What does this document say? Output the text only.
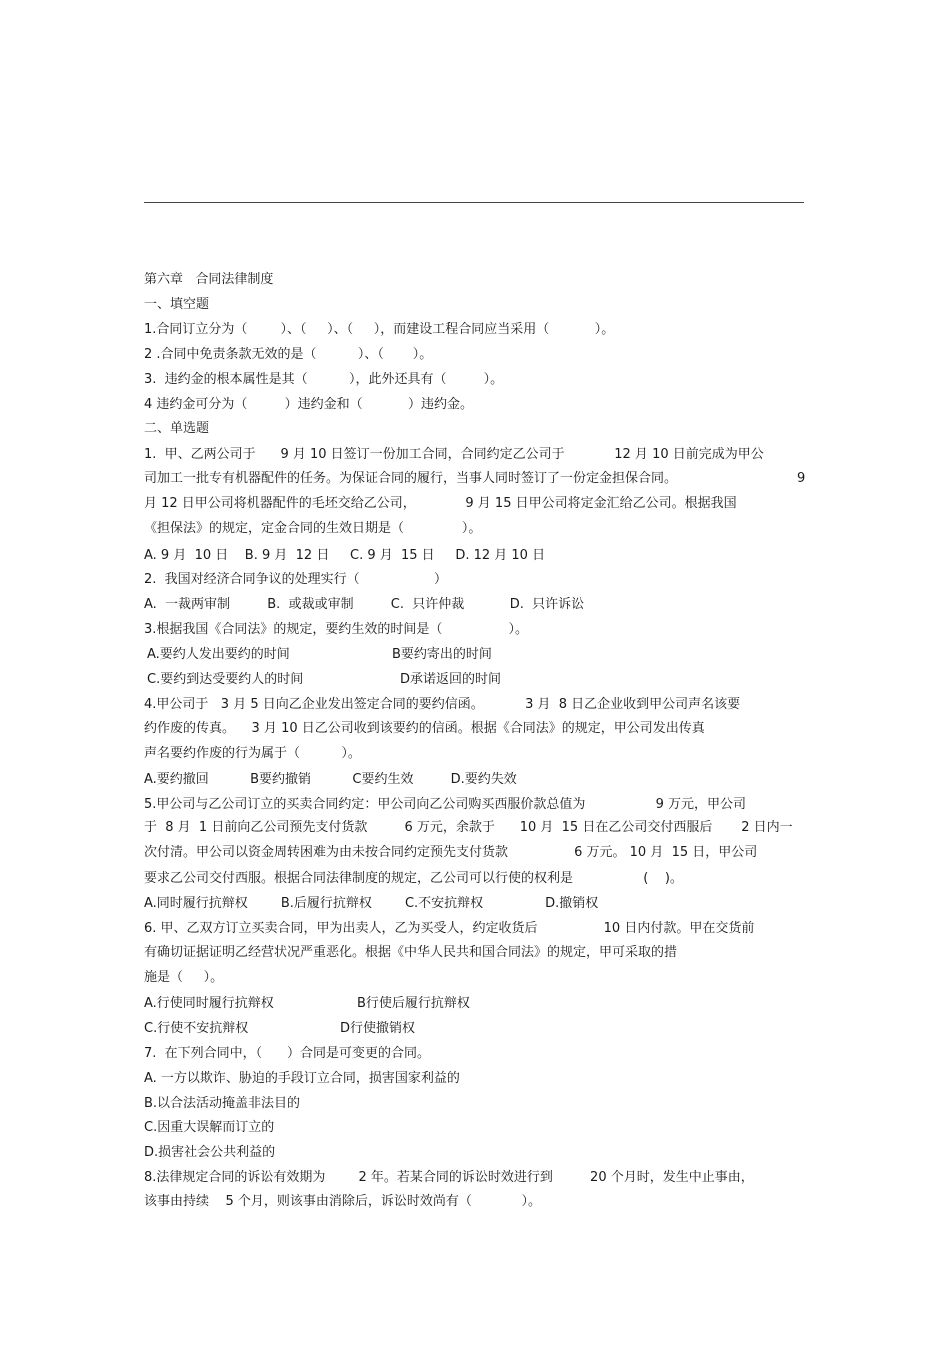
第六章   合同法律制度
一、填空题
1.合同订立分为（        ）、（     ）、（     ），而建设工程合同应当采用（           ）。
2 .合同中免责条款无效的是（          ）、（       ）。
3.  违约金的根本属性是其（          ），此外还具有（         ）。
4 违约金可分为（         ）违约金和（           ）违约金。
二、单选题
1.  甲、乙两公司于      9 月 10 日签订一份加工合同，合同约定乙公司于            12 月 10 日前完成为甲公
司加工一批专有机器配件的任务。为保证合同的履行，当事人同时签订了一份定金担保合同。	9
月 12 日甲公司将机器配件的毛坯交给乙公司，            9 月 15 日甲公司将定金汇给乙公司。根据我国
《担保法》的规定，定金合同的生效日期是（              ）。
A. 9 月  10 日    B. 9 月  12 日     C. 9 月  15 日     D. 12 月 10 日
2.  我国对经济合同争议的处理实行（                  ）
A.  一裁两审制         B.  或裁或审制         C.  只许仲裁           D.  只许诉讼
3.根据我国《合同法》的规定，要约生效的时间是（                ）。
A.要约人发出要约的时间	B要约寄出的时间
C.要约到达受要约人的时间	D承诺返回的时间
4.甲公司于   3 月 5 日向乙企业发出签定合同的要约信函。          3 月  8 日乙企业收到甲公司声名该要
约作废的传真。    3 月 10 日乙公司收到该要约的信函。根据《合同法》的规定，甲公司发出传真
声名要约作废的行为属于（          ）。
A.要约撤回          B要约撤销          C要约生效         D.要约失效
5.甲公司与乙公司订立的买卖合同约定：甲公司向乙公司购买西服价款总值为                 9 万元，甲公司
于  8 月  1 日前向乙公司预先支付货款         6 万元，余款于      10 月  15 日在乙公司交付西服后       2 日内一
次付清。甲公司以资金周转困难为由未按合同约定预先支付货款                6 万元。 10 月  15 日，甲公司
要求乙公司交付西服。根据合同法律制度的规定，乙公司可以行使的权利是                 (    )。
A.同时履行抗辩权        B.后履行抗辩权        C.不安抗辩权               D.撤销权
6. 甲、乙双方订立买卖合同，甲为出卖人，乙为买受人，约定收货后                10 日内付款。甲在交货前
有确切证据证明乙经营状况严重恶化。根据《中华人民共和国合同法》的规定，甲可采取的措
施是（     ）。
A.行使同时履行抗辩权	B行使后履行抗辩权
C.行使不安抗辩权	D行使撤销权
7.  在下列合同中，（      ）合同是可变更的合同。
A. 一方以欺诈、胁迫的手段订立合同，损害国家利益的
B.以合法活动掩盖非法目的
C.因重大误解而订立的
D.损害社会公共利益的
8.法律规定合同的诉讼有效期为        2 年。若某合同的诉讼时效进行到         20 个月时，发生中止事由，
该事由持续    5 个月，则该事由消除后，诉讼时效尚有（            ）。
